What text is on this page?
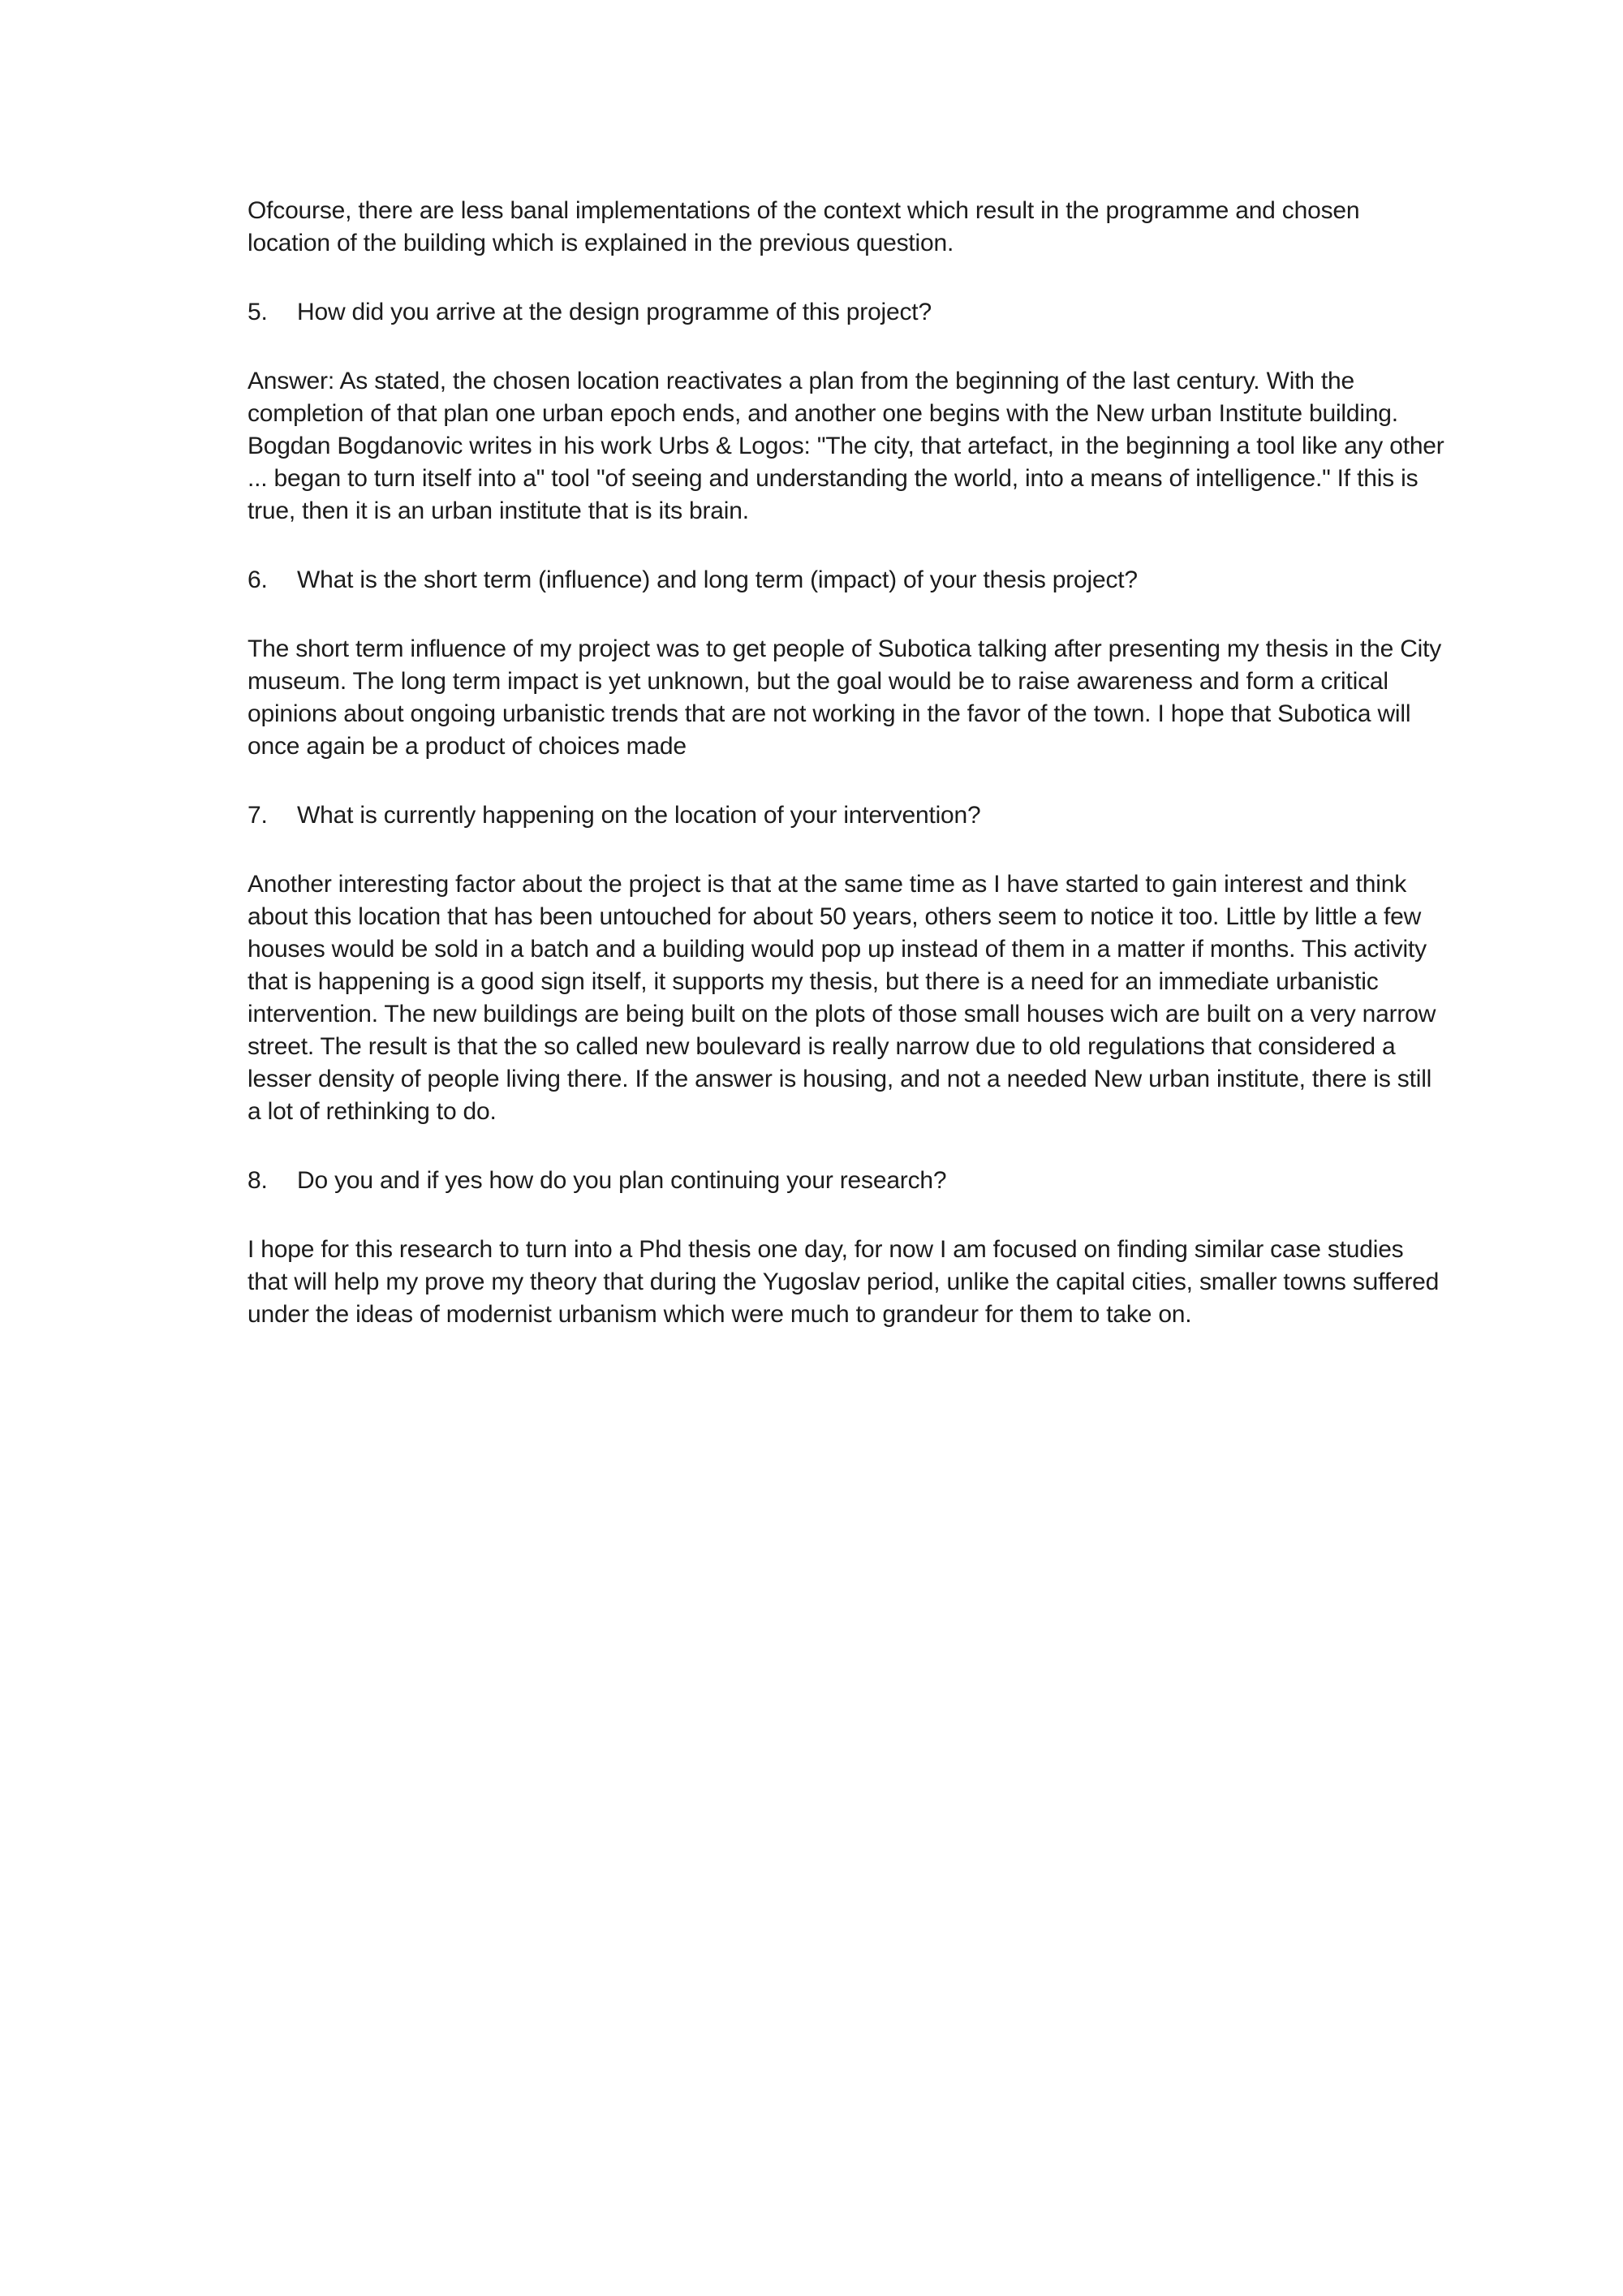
Ofcourse, there are less banal implementations of the context which result in the programme and chosen location of the building which is explained in the previous question.

5.	How did you arrive at the design programme of this project?

Answer: As stated, the chosen location reactivates a plan from the beginning of the last century. With the completion of that plan one urban epoch ends, and another one begins with the New urban Institute building. Bogdan Bogdanovic writes in his work Urbs & Logos: "The city, that artefact, in the beginning a tool like any other ... began to turn itself into a" tool "of seeing and understanding the world, into a means of intelligence." If this is true, then it is an urban institute that is its brain.

6.	What is the short term (influence) and long term (impact) of your thesis project?

The short term influence of my project was to get people of Subotica talking after presenting my thesis in the City museum. The long term impact is yet unknown, but the goal would be to raise awareness and form a critical opinions about ongoing urbanistic trends that are not working in the favor of the town. I hope that Subotica will once again be a product of choices made

7.	What is currently happening on the location of your intervention?

Another interesting factor about the project is that at the same time as I have started to gain interest and think about this location that has been untouched for about 50 years, others seem to notice it too. Little by little a few houses would be sold in a batch and a building would pop up instead of them in a matter if months. This activity that is happening is a good sign itself, it supports my thesis, but there is a need for an immediate urbanistic intervention. The new buildings are being built on the plots of those small houses wich are built on a very narrow street. The result is that the so called new boulevard is really narrow due to old regulations that considered a lesser density of people living there. If the answer is housing, and not a needed New urban institute, there is still a lot of rethinking to do.

8.	Do you and if yes how do you plan continuing your research?

I hope for this research to turn into a Phd thesis one day, for now I am focused on finding similar case studies that will help my prove my theory that during the Yugoslav period, unlike the capital cities, smaller towns suffered under the ideas of modernist urbanism which were much to grandeur for them to take on.
